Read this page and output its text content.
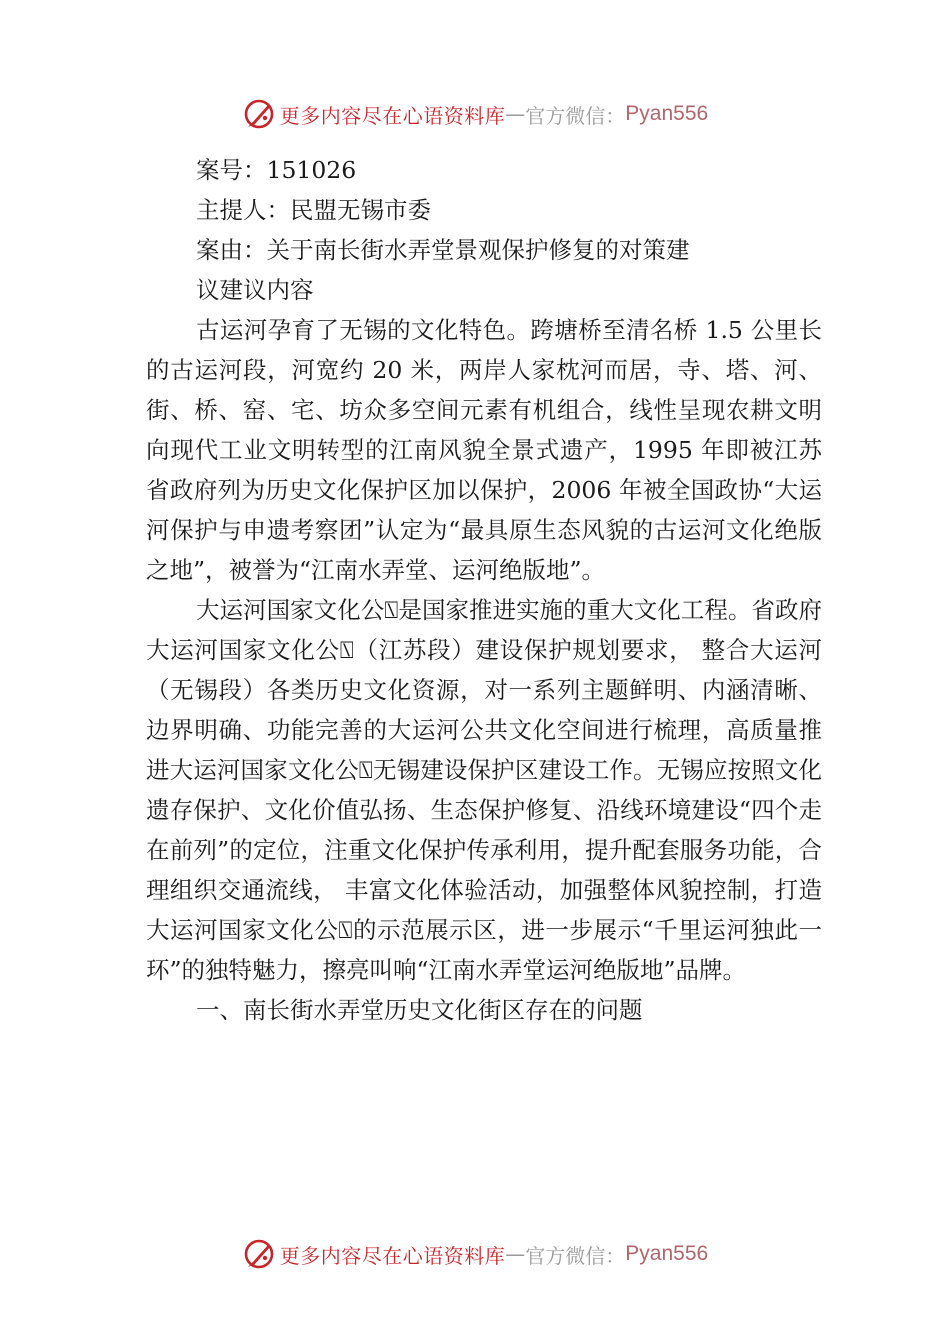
更多内容尽在心语资料库 — 官方微信： Pyan556
案号：151026
主提人：民盟无锡市委
案由：关于南长街水弄堂景观保护修复的对策建
议建议内容

古运河孕育了无锡的文化特色。跨塘桥至清名桥 1.5 公里长的古运河段，河宽约 20 米，两岸人家枕河而居，寺、塔、河、街、桥、窑、宅、坊众多空间元素有机组合，线性呈现农耕文明向现代工业文明转型的江南风貌全景式遗产，1995 年即被江苏省政府列为历史文化保护区加以保护，2006 年被全国政协“大运河保护与申遗考察团”认定为“最具原生态风貌的古运河文化绝版之地”，被誉为“江南水弄堂、运河绝版地”。

大运河国家文化公⍂是国家推进实施的重大文化工程。省政府大运河国家文化公⍂（江苏段）建设保护规划要求， 整合大运河（无锡段）各类历史文化资源，对一系列主题鲜明、内涵清晰、边界明确、功能完善的大运河公共文化空间进行梳理，高质量推进大运河国家文化公⍂无锡建设保护区建设工作。无锡应按照文化遗存保护、文化价值弘扬、生态保护修复、沿线环境建设“四个走在前列”的定位，注重文化保护传承利用，提升配套服务功能，合理组织交通流线， 丰富文化体验活动，加强整体风貌控制，打造大运河国家文化公⍂的示范展示区，进一步展示“千里运河独此一环”的独特魅力，擦亮叫响“江南水弄堂运河绝版地”品牌。

一、南长街水弄堂历史文化街区存在的问题
更多内容尽在心语资料库 — 官方微信： Pyan556
